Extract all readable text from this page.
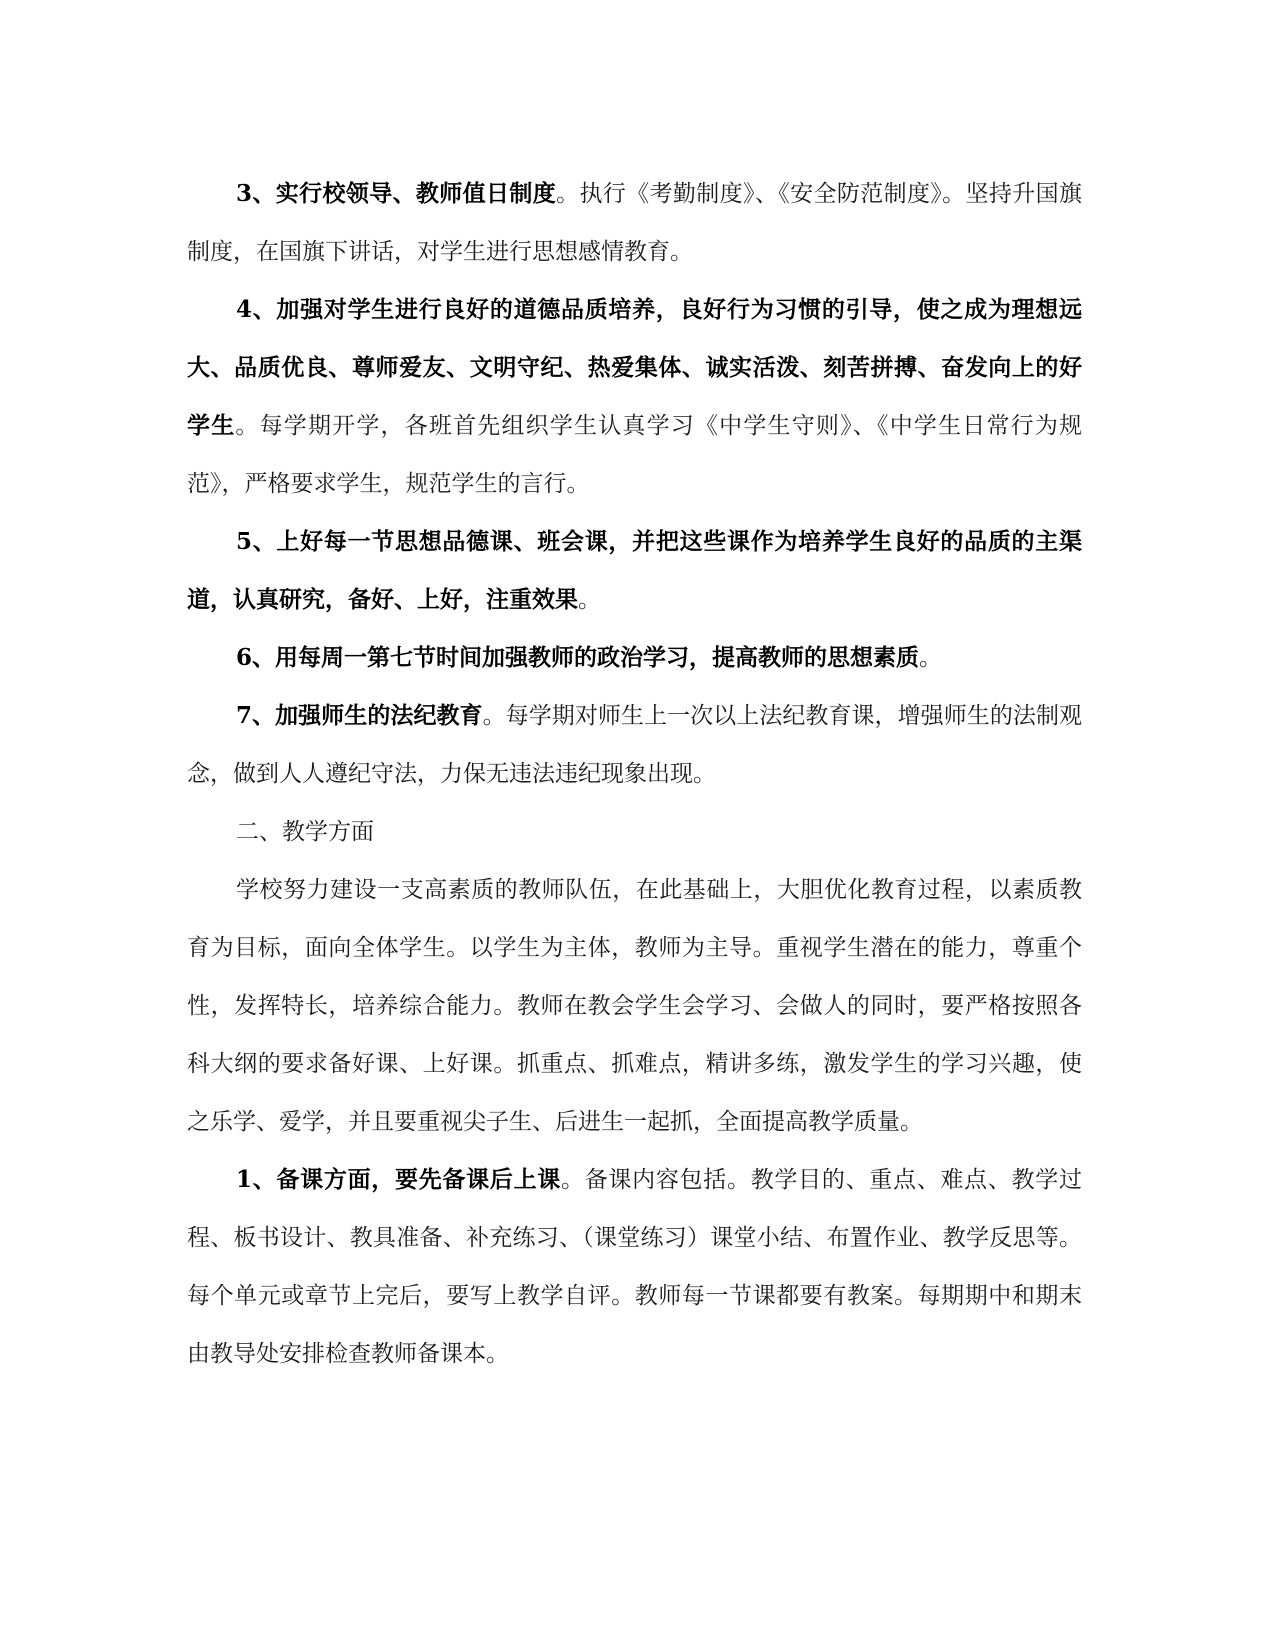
3、实行校领导、教师值日制度。执行《考勤制度》、《安全防范制度》。坚持升国旗制度，在国旗下讲话，对学生进行思想感情教育。

4、加强对学生进行良好的道德品质培养，良好行为习惯的引导，使之成为理想远大、品质优良、尊师爱友、文明守纪、热爱集体、诚实活泼、刻苦拼搏、奋发向上的好学生。每学期开学，各班首先组织学生认真学习《中学生守则》、《中学生日常行为规范》，严格要求学生，规范学生的言行。

5、上好每一节思想品德课、班会课，并把这些课作为培养学生良好的品质的主渠道，认真研究，备好、上好，注重效果。

6、用每周一第七节时间加强教师的政治学习，提高教师的思想素质。

7、加强师生的法纪教育。每学期对师生上一次以上法纪教育课，增强师生的法制观念，做到人人遵纪守法，力保无违法违纪现象出现。

二、教学方面

学校努力建设一支高素质的教师队伍，在此基础上，大胆优化教育过程，以素质教育为目标，面向全体学生。以学生为主体，教师为主导。重视学生潜在的能力，尊重个性，发挥特长，培养综合能力。教师在教会学生会学习、会做人的同时，要严格按照各科大纲的要求备好课、上好课。抓重点、抓难点，精讲多练，激发学生的学习兴趣，使之乐学、爱学，并且要重视尖子生、后进生一起抓，全面提高教学质量。

1、备课方面，要先备课后上课。备课内容包括。教学目的、重点、难点、教学过程、板书设计、教具准备、补充练习、（课堂练习）课堂小结、布置作业、教学反思等。每个单元或章节上完后，要写上教学自评。教师每一节课都要有教案。每期期中和期末由教导处安排检查教师备课本。
